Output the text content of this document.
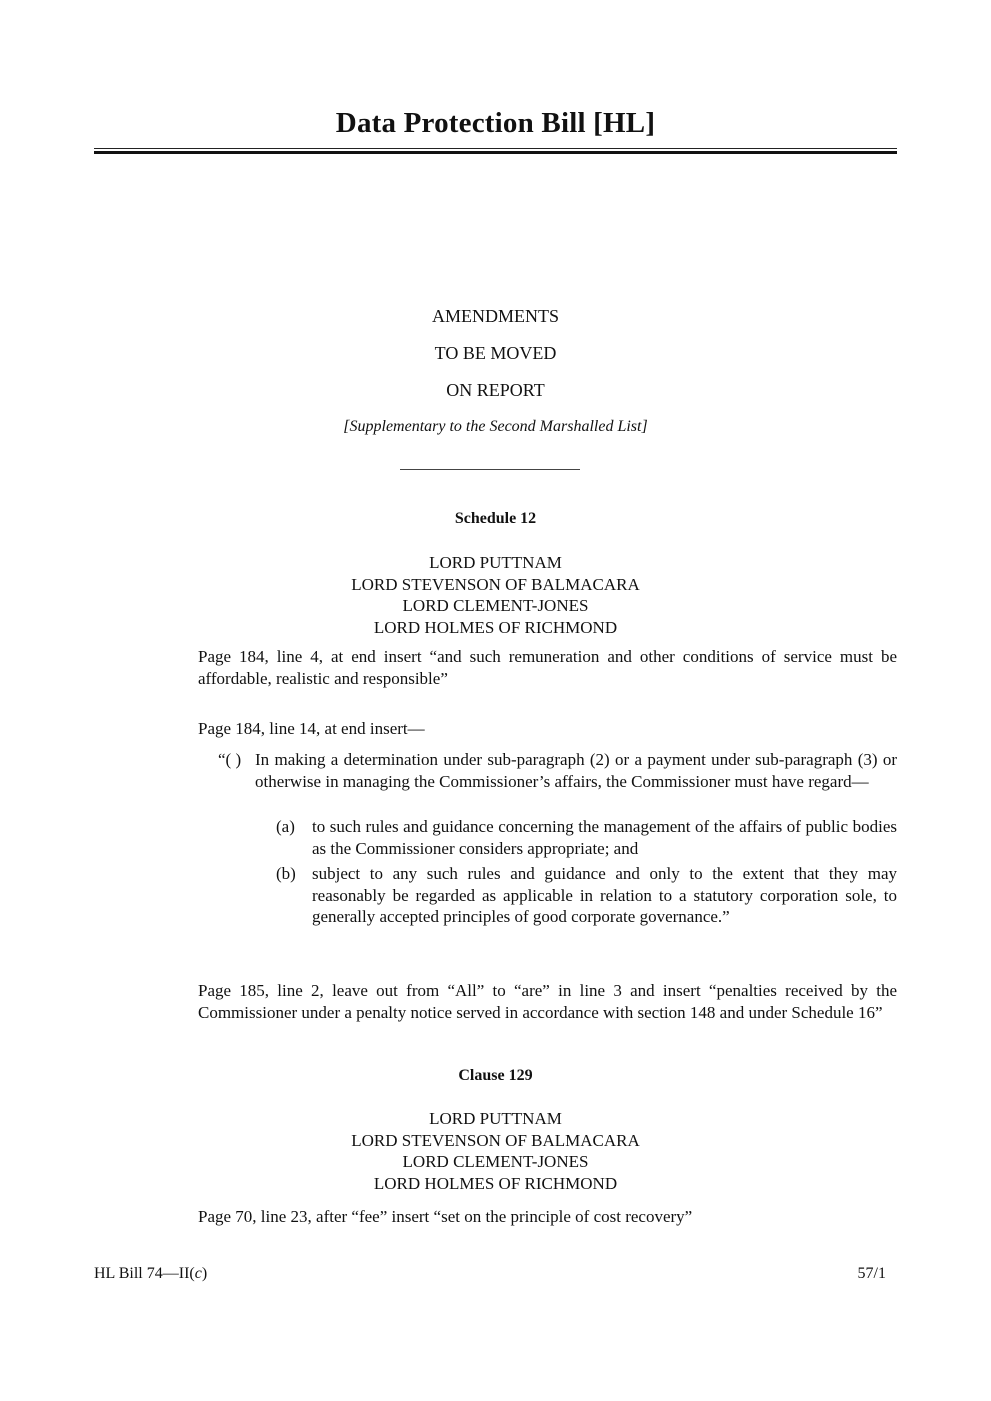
Data Protection Bill [HL]
AMENDMENTS
TO BE MOVED
ON REPORT
[Supplementary to the Second Marshalled List]
Schedule 12
LORD PUTTNAM
LORD STEVENSON OF BALMACARA
LORD CLEMENT-JONES
LORD HOLMES OF RICHMOND
Page 184, line 4, at end insert “and such remuneration and other conditions of service must be affordable, realistic and responsible”
Page 184, line 14, at end insert—
“( ) In making a determination under sub-paragraph (2) or a payment under sub-paragraph (3) or otherwise in managing the Commissioner’s affairs, the Commissioner must have regard—
(a) to such rules and guidance concerning the management of the affairs of public bodies as the Commissioner considers appropriate; and
(b) subject to any such rules and guidance and only to the extent that they may reasonably be regarded as applicable in relation to a statutory corporation sole, to generally accepted principles of good corporate governance.”
Page 185, line 2, leave out from “All” to “are” in line 3 and insert “penalties received by the Commissioner under a penalty notice served in accordance with section 148 and under Schedule 16”
Clause 129
LORD PUTTNAM
LORD STEVENSON OF BALMACARA
LORD CLEMENT-JONES
LORD HOLMES OF RICHMOND
Page 70, line 23, after “fee” insert “set on the principle of cost recovery”
HL Bill 74—II(c)	57/1
